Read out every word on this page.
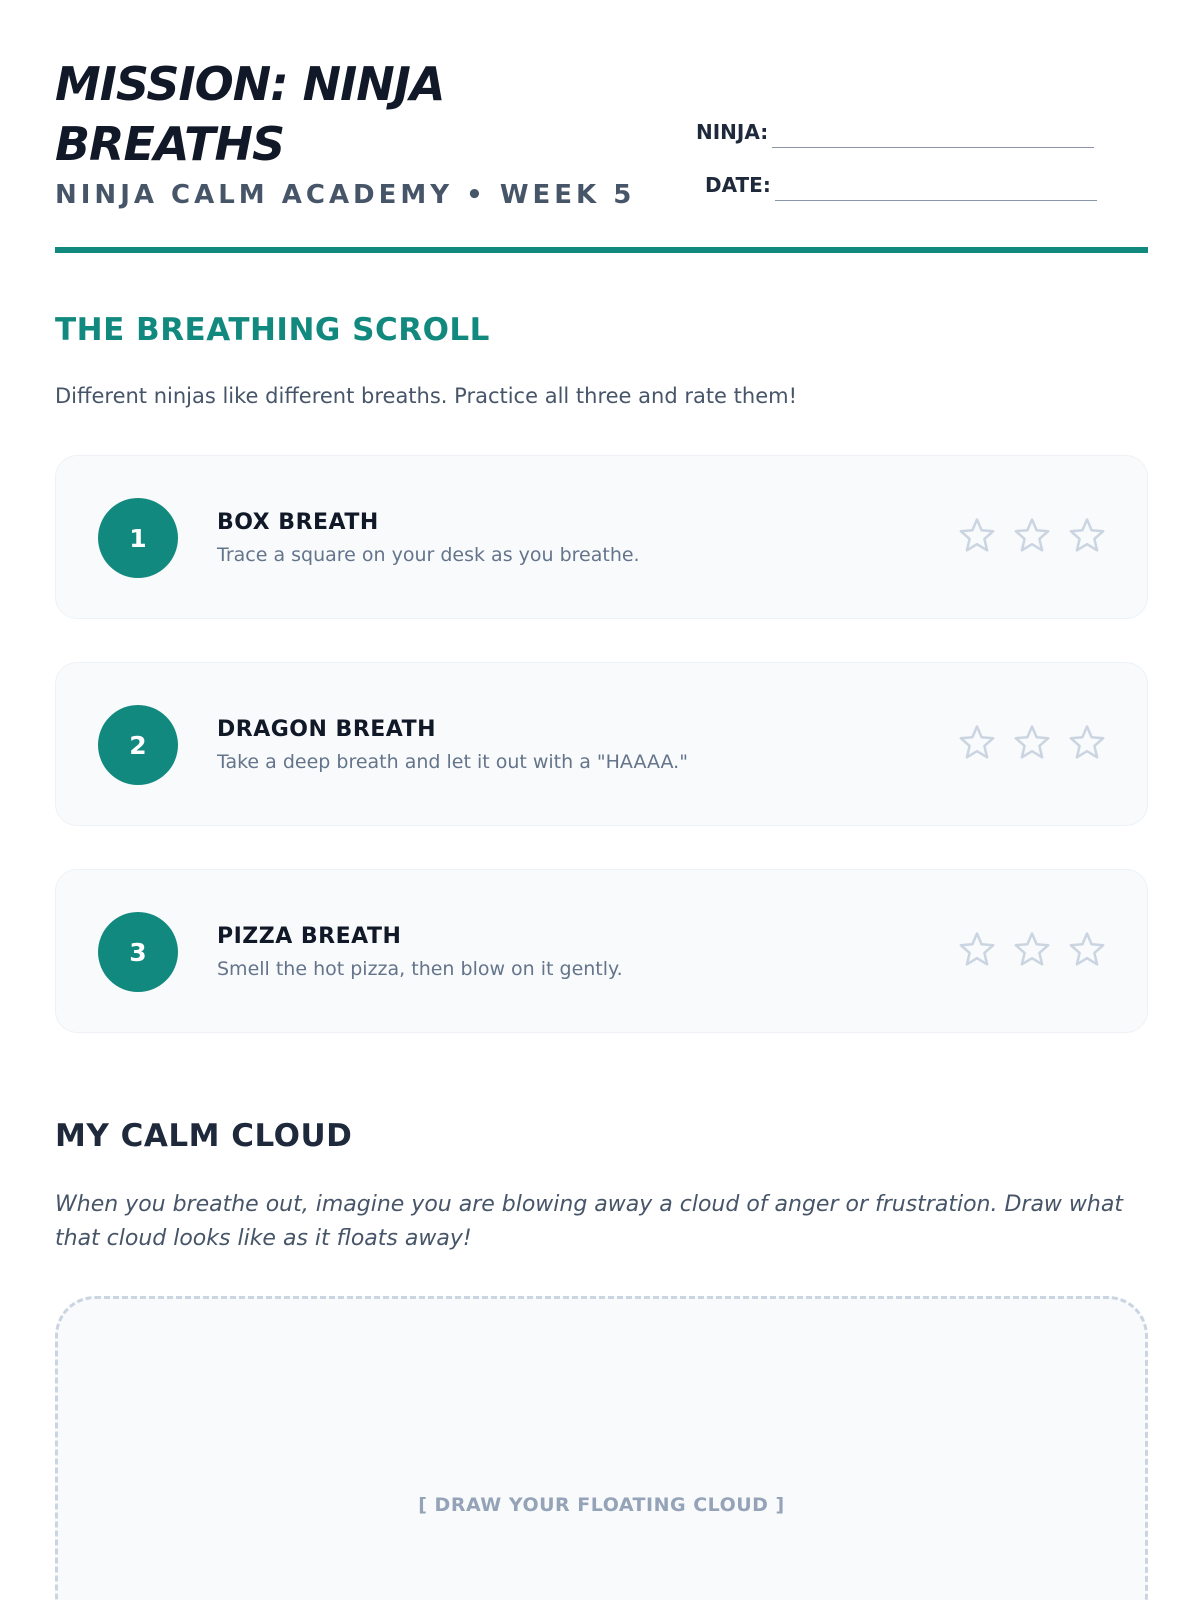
MISSION: NINJA BREATHS
NINJA CALM ACADEMY • WEEK 5
NINJA:
DATE:
THE BREATHING SCROLL

Different ninjas like different breaths. Practice all three and rate them!

1
BOX BREATH
Trace a square on your desk as you breathe.
2
DRAGON BREATH
Take a deep breath and let it out with a "HAAAA."
3
PIZZA BREATH
Smell the hot pizza, then blow on it gently.
MY CALM CLOUD

When you breathe out, imagine you are blowing away a cloud of anger or frustration. Draw what that cloud looks like as it floats away!

[ DRAW YOUR FLOATING CLOUD ]
